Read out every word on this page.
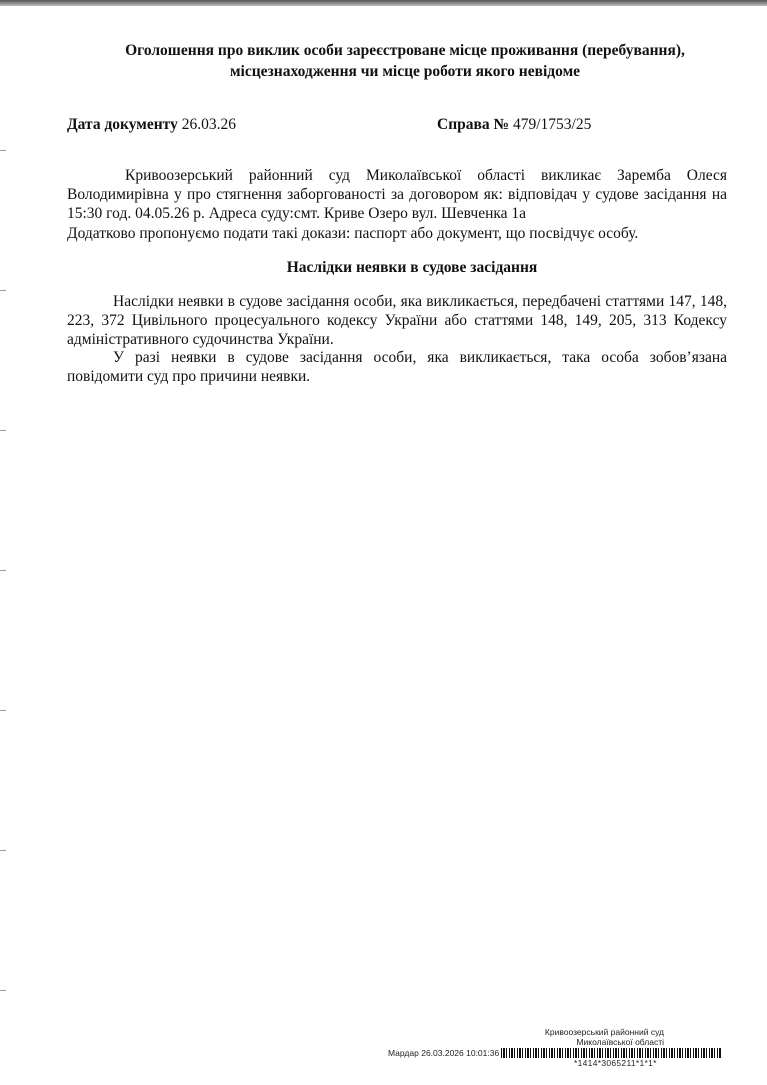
Оголошення про виклик особи зареєстроване місце проживання (перебування),
місцезнаходження чи місце роботи якого невідоме
Дата документу 26.03.26	Справа № 479/1753/25
Кривоозерський районний суд Миколаївської області викликає Заремба Олеся Володимирівна у про стягнення заборгованості за договором як: відповідач у судове засідання на 15:30 год. 04.05.26 р. Адреса суду:смт. Криве Озеро вул. Шевченка 1а
Додатково пропонуємо подати такі докази: паспорт або документ, що посвідчує особу.
Наслідки неявки в судове засідання
Наслідки неявки в судове засідання особи, яка викликається, передбачені статтями 147, 148, 223, 372 Цивільного процесуального кодексу України або статтями 148, 149, 205, 313 Кодексу адміністративного судочинства України.
У разі неявки в судове засідання особи, яка викликається, така особа зобов’язана повідомити суд про причини неявки.
Кривоозерський районний суд
Миколаївської області
Мардар 26.03.2026 10:01:36
*1414*3065211*1*1*
